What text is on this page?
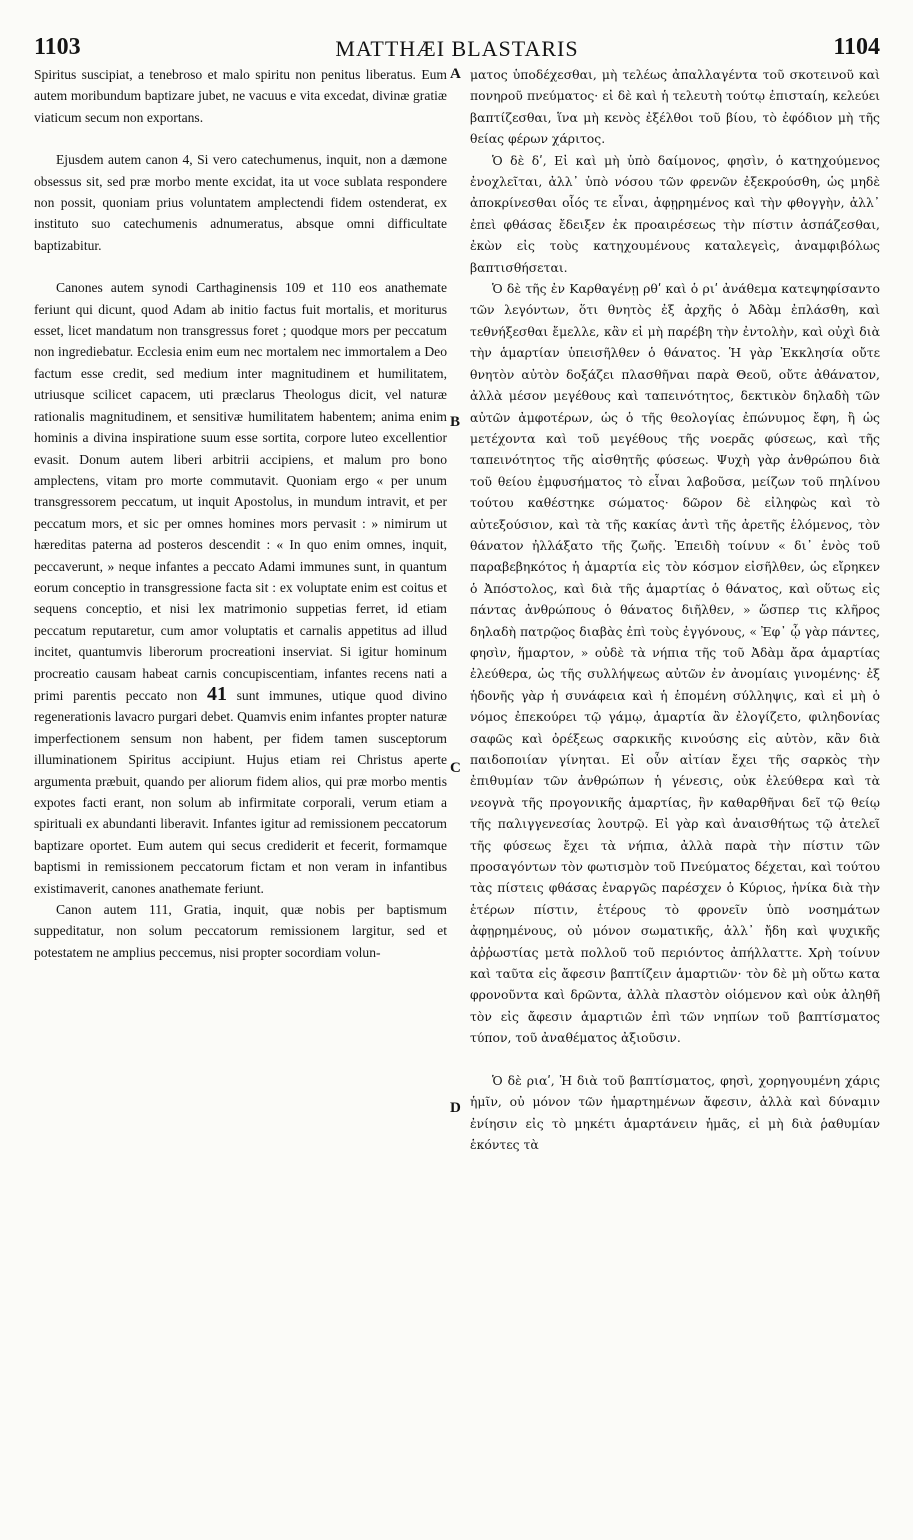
1103	MATTHÆI BLASTARIS	1104
A
B
C
D

Spiritus suscipiat, a tenebroso et malo spiritu non penitus liberatus. Eum autem moribundum baptizare jubet, ne vacuus e vita excedat, divinæ gratiæ viaticum secum non exportans.

Ejusdem autem canon 4, Si vero catechumenus, inquit, non a dæmone obsessus sit, sed præ morbo mente excidat, ita ut voce sublata respondere non possit, quoniam prius voluntatem amplectendi fidem ostenderat, ex instituto suo catechumenis adnumeratus, absque omni difficultate baptizabitur.

Canones autem synodi Carthaginensis 109 et 110 eos anathemate feriunt qui dicunt, quod Adam ab initio factus fuit mortalis, et moriturus esset, licet mandatum non transgressus foret ; quodque mors per peccatum non ingrediebatur. Ecclesia enim eum nec mortalem nec immortalem a Deo factum esse credit, sed medium inter magnitudinem et humilitatem, utriusque scilicet capacem, uti præclarus Theologus dicit, vel naturæ rationalis magnitudinem, et sensitivæ humilitatem habentem; anima enim hominis a divina inspiratione suum esse sortita, corpore luteo excellentior evasit. Donum autem liberi arbitrii accipiens, et malum pro bono amplectens, vitam pro morte commutavit. Quoniam ergo « per unum transgressorem peccatum, ut inquit Apostolus, in mundum intravit, et per peccatum mors, et sic per omnes homines mors pervasit : » nimirum ut hæreditas paterna ad posteros descendit : « In quo enim omnes, inquit, peccaverunt, » neque infantes a peccato Adami immunes sunt, in quantum eorum conceptio in transgressione facta sit : ex voluptate enim est coitus et sequens conceptio, et nisi lex matrimonio suppetias ferret, id etiam peccatum reputaretur, cum amor voluptatis et carnalis appetitus ad illud incitet, quantumvis liberorum procreationi inserviat. Si igitur hominum procreatio causam habeat carnis concupiscentiam, infantes recens nati a primi parentis peccato non 41 sunt immunes, utique quod divino regenerationis lavacro purgari debet. Quamvis enim infantes propter naturæ imperfectionem sensum non habent, per fidem tamen susceptorum illuminationem Spiritus accipiunt. Hujus etiam rei Christus aperte argumenta præbuit, quando per aliorum fidem alios, qui præ morbo mentis expotes facti erant, non solum ab infirmitate corporali, verum etiam a spirituali ex abundanti liberavit. Infantes igitur ad remissionem peccatorum baptizare oportet. Eum autem qui secus crediderit et fecerit, formamque baptismi in remissionem peccatorum fictam et non veram in infantibus existimaverit, canones anathemate feriunt.

Canon autem 111, Gratia, inquit, quæ nobis per baptismum suppeditatur, non solum peccatorum remissionem largitur, sed et potestatem ne amplius peccemus, nisi propter socordiam volun-

ματος ὑποδέχεσθαι, μὴ τελέως ἀπαλλαγέντα τοῦ σκοτεινοῦ καὶ πονηροῦ πνεύματος· εἰ δὲ καὶ ἡ τελευτὴ τούτῳ ἐπισταίη, κελεύει βαπτίζεσθαι, ἵνα μὴ κενὸς ἐξέλθοι τοῦ βίου, τὸ ἐφόδιον μὴ τῆς θείας φέρων χάριτος.

Ὁ δὲ δʹ, Εἰ καὶ μὴ ὑπὸ δαίμονος, φησὶν, ὁ κατηχούμενος ἐνοχλεῖται, ἀλλ᾽ ὑπὸ νόσου τῶν φρενῶν ἐξεκρούσθη, ὡς μηδὲ ἀποκρίνεσθαι οἷός τε εἶναι, ἀφῃρημένος καὶ τὴν φθογγὴν, ἀλλ᾽ ἐπεὶ φθάσας ἔδειξεν ἐκ προαιρέσεως τὴν πίστιν ἀσπάζεσθαι, ἐκὼν εἰς τοὺς κατηχουμένους καταλεγεὶς, ἀναμφιβόλως βαπτισθήσεται.

Ὁ δὲ τῆς ἐν Καρθαγένῃ ρθʹ καὶ ὁ ριʹ ἀνάθεμα κατεψηφίσαντο τῶν λεγόντων, ὅτι θνητὸς ἐξ ἀρχῆς ὁ Ἀδὰμ ἐπλάσθη, καὶ τεθνήξεσθαι ἔμελλε, κἂν εἰ μὴ παρέβη τὴν ἐντολὴν, καὶ οὐχὶ διὰ τὴν ἁμαρτίαν ὑπεισῆλθεν ὁ θάνατος. Ἡ γὰρ Ἐκκλησία οὔτε θνητὸν αὐτὸν δοξάζει πλασθῆναι παρὰ Θεοῦ, οὔτε ἀθάνατον, ἀλλὰ μέσον μεγέθους καὶ ταπεινότητος, δεκτικὸν δηλαδὴ τῶν αὐτῶν ἀμφοτέρων, ὡς ὁ τῆς θεολογίας ἐπώνυμος ἔφη, ἢ ὡς μετέχοντα καὶ τοῦ μεγέθους τῆς νοερᾶς φύσεως, καὶ τῆς ταπεινότητος τῆς αἰσθητῆς φύσεως. Ψυχὴ γὰρ ἀνθρώπου διὰ τοῦ θείου ἐμφυσήματος τὸ εἶναι λαβοῦσα, μείζων τοῦ πηλίνου τούτου καθέστηκε σώματος· δῶρον δὲ εἰληφὼς καὶ τὸ αὐτεξούσιον, καὶ τὰ τῆς κακίας ἀντὶ τῆς ἀρετῆς ἑλόμενος, τὸν θάνατον ἠλλάξατο τῆς ζωῆς. Ἐπειδὴ τοίνυν « δι᾽ ἑνὸς τοῦ παραβεβηκότος ἡ ἁμαρτία εἰς τὸν κόσμον εἰσῆλθεν, ὡς εἴρηκεν ὁ Ἀπόστολος, καὶ διὰ τῆς ἁμαρτίας ὁ θάνατος, καὶ οὕτως εἰς πάντας ἀνθρώπους ὁ θάνατος διῆλθεν, » ὥσπερ τις κλῆρος δηλαδὴ πατρῷος διαβὰς ἐπὶ τοὺς ἐγγόνους, « Ἐφ᾽ ᾧ γὰρ πάντες, φησὶν, ἥμαρτον, » οὐδὲ τὰ νήπια τῆς τοῦ Ἀδὰμ ἄρα ἁμαρτίας ἐλεύθερα, ὡς τῆς συλλήψεως αὐτῶν ἐν ἀνομίαις γινομένης· ἐξ ἡδονῆς γὰρ ἡ συνάφεια καὶ ἡ ἑπομένη σύλληψις, καὶ εἰ μὴ ὁ νόμος ἐπεκούρει τῷ γάμῳ, ἁμαρτία ἂν ἐλογίζετο, φιληδονίας σαφῶς καὶ ὀρέξεως σαρκικῆς κινούσης εἰς αὐτὸν, κἂν διὰ παιδοποιίαν γίνηται. Εἰ οὖν αἰτίαν ἔχει τῆς σαρκὸς τὴν ἐπιθυμίαν τῶν ἀνθρώπων ἡ γένεσις, οὐκ ἐλεύθερα καὶ τὰ νεογνὰ τῆς προγονικῆς ἁμαρτίας, ἣν καθαρθῆναι δεῖ τῷ θείῳ τῆς παλιγγενεσίας λουτρῷ. Εἰ γὰρ καὶ ἀναισθήτως τῷ ἀτελεῖ τῆς φύσεως ἔχει τὰ νήπια, ἀλλὰ παρὰ τὴν πίστιν τῶν προσαγόντων τὸν φωτισμὸν τοῦ Πνεύματος δέχεται, καὶ τούτου τὰς πίστεις φθάσας ἐναργῶς παρέσχεν ὁ Κύριος, ἡνίκα διὰ τὴν ἑτέρων πίστιν, ἑτέρους τὸ φρονεῖν ὑπὸ νοσημάτων ἀφῃρημένους, οὐ μόνον σωματικῆς, ἀλλ᾽ ἤδη καὶ ψυχικῆς ἀῤῥωστίας μετὰ πολλοῦ τοῦ περιόντος ἀπήλλαττε. Χρὴ τοίνυν καὶ ταῦτα εἰς ἄφεσιν βαπτίζειν ἁμαρτιῶν· τὸν δὲ μὴ οὕτω κατα φρονοῦντα καὶ δρῶντα, ἀλλὰ πλαστὸν οἰόμενον καὶ οὐκ ἀληθῆ τὸν εἰς ἄφεσιν ἁμαρτιῶν ἐπὶ τῶν νηπίων τοῦ βαπτίσματος τύπον, τοῦ ἀναθέματος ἀξιοῦσιν.

Ὁ δὲ ριαʹ, Ἡ διὰ τοῦ βαπτίσματος, φησὶ, χορηγουμένη χάρις ἡμῖν, οὐ μόνον τῶν ἡμαρτημένων ἄφεσιν, ἀλλὰ καὶ δύναμιν ἐνίησιν εἰς τὸ μηκέτι ἁμαρτάνειν ἡμᾶς, εἰ μὴ διὰ ῥαθυμίαν ἑκόντες τὰ
